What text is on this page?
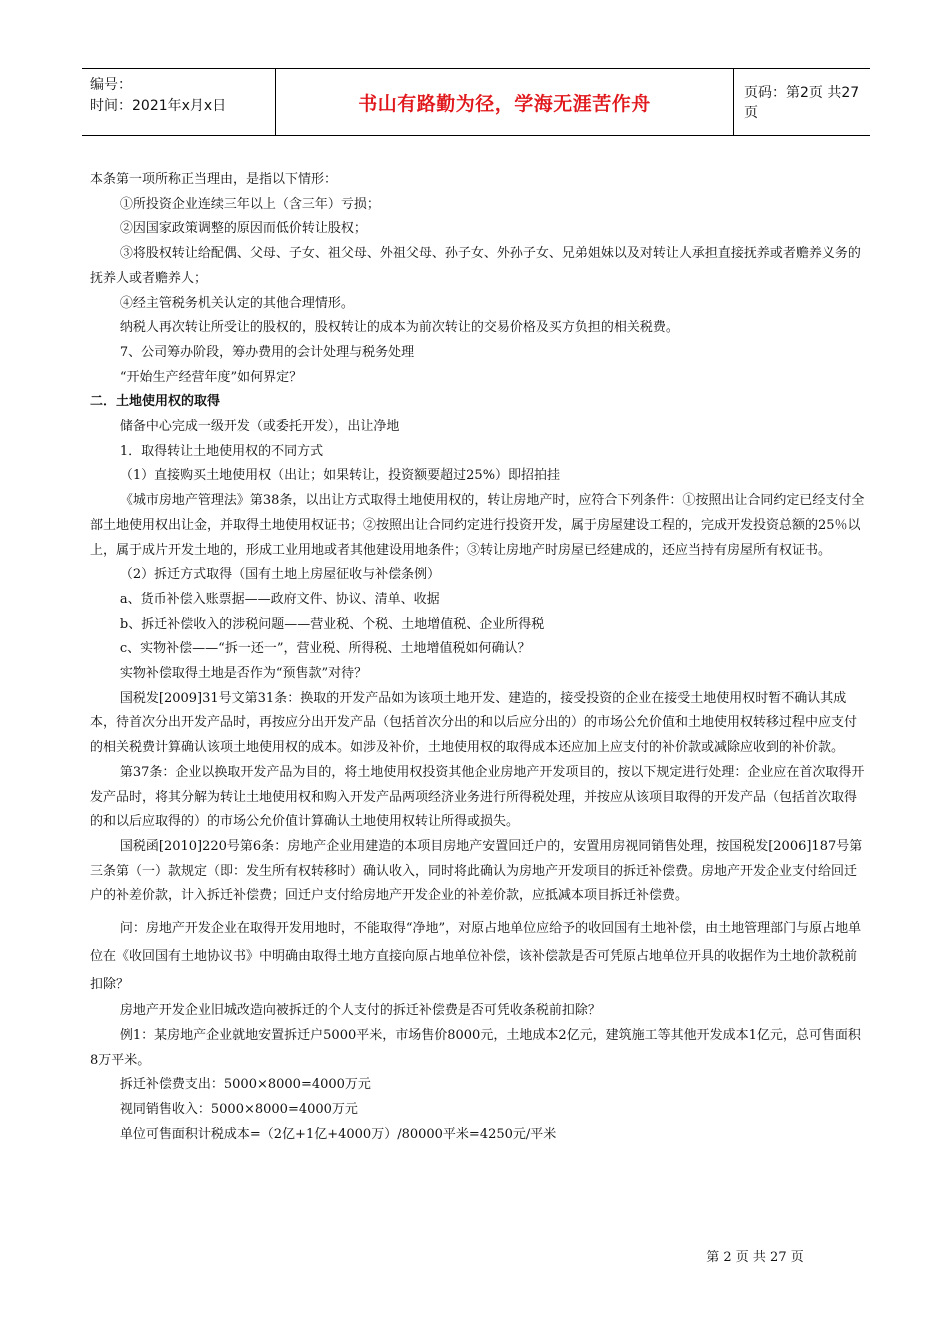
编号：
时间：2021年x月x日	书山有路勤为径，学海无涯苦作舟	页码：第2页 共27页

本条第一项所称正当理由，是指以下情形：

①所投资企业连续三年以上（含三年）亏损；

②因国家政策调整的原因而低价转让股权；

③将股权转让给配偶、父母、子女、祖父母、外祖父母、孙子女、外孙子女、兄弟姐妹以及对转让人承担直接抚养或者赡养义务的抚养人或者赡养人；

④经主管税务机关认定的其他合理情形。

纳税人再次转让所受让的股权的，股权转让的成本为前次转让的交易价格及买方负担的相关税费。

7、公司筹办阶段，筹办费用的会计处理与税务处理

“开始生产经营年度”如何界定？

二．土地使用权的取得

储备中心完成一级开发（或委托开发），出让净地

1．取得转让土地使用权的不同方式

（1）直接购买土地使用权（出让；如果转让，投资额要超过25%）即招拍挂

《城市房地产管理法》第38条，以出让方式取得土地使用权的，转让房地产时，应符合下列条件：①按照出让合同约定已经支付全部土地使用权出让金，并取得土地使用权证书；②按照出让合同约定进行投资开发，属于房屋建设工程的，完成开发投资总额的25％以上，属于成片开发土地的，形成工业用地或者其他建设用地条件；③转让房地产时房屋已经建成的，还应当持有房屋所有权证书。

（2）拆迁方式取得（国有土地上房屋征收与补偿条例）

a、货币补偿入账票据——政府文件、协议、清单、收据

b、拆迁补偿收入的涉税问题——营业税、个税、土地增值税、企业所得税

c、实物补偿——“拆一还一”，营业税、所得税、土地增值税如何确认？

实物补偿取得土地是否作为“预售款”对待？

国税发[2009]31号文第31条：换取的开发产品如为该项土地开发、建造的，接受投资的企业在接受土地使用权时暂不确认其成本，待首次分出开发产品时，再按应分出开发产品（包括首次分出的和以后应分出的）的市场公允价值和土地使用权转移过程中应支付的相关税费计算确认该项土地使用权的成本。如涉及补价，土地使用权的取得成本还应加上应支付的补价款或减除应收到的补价款。

第37条：企业以换取开发产品为目的，将土地使用权投资其他企业房地产开发项目的，按以下规定进行处理：企业应在首次取得开发产品时，将其分解为转让土地使用权和购入开发产品两项经济业务进行所得税处理，并按应从该项目取得的开发产品（包括首次取得的和以后应取得的）的市场公允价值计算确认土地使用权转让所得或损失。

国税函[2010]220号第6条：房地产企业用建造的本项目房地产安置回迁户的，安置用房视同销售处理，按国税发[2006]187号第三条第（一）款规定（即：发生所有权转移时）确认收入，同时将此确认为房地产开发项目的拆迁补偿费。房地产开发企业支付给回迁户的补差价款，计入拆迁补偿费；回迁户支付给房地产开发企业的补差价款，应抵减本项目拆迁补偿费。

问：房地产开发企业在取得开发用地时，不能取得“净地”，对原占地单位应给予的收回国有土地补偿，由土地管理部门与原占地单位在《收回国有土地协议书》中明确由取得土地方直接向原占地单位补偿，该补偿款是否可凭原占地单位开具的收据作为土地价款税前扣除？

房地产开发企业旧城改造向被拆迁的个人支付的拆迁补偿费是否可凭收条税前扣除？

例1：某房地产企业就地安置拆迁户5000平米，市场售价8000元，土地成本2亿元，建筑施工等其他开发成本1亿元，总可售面积8万平米。

拆迁补偿费支出：5000×8000=4000万元

视同销售收入：5000×8000=4000万元

单位可售面积计税成本=（2亿+1亿+4000万）/80000平米=4250元/平米

第 2 页 共 27 页
